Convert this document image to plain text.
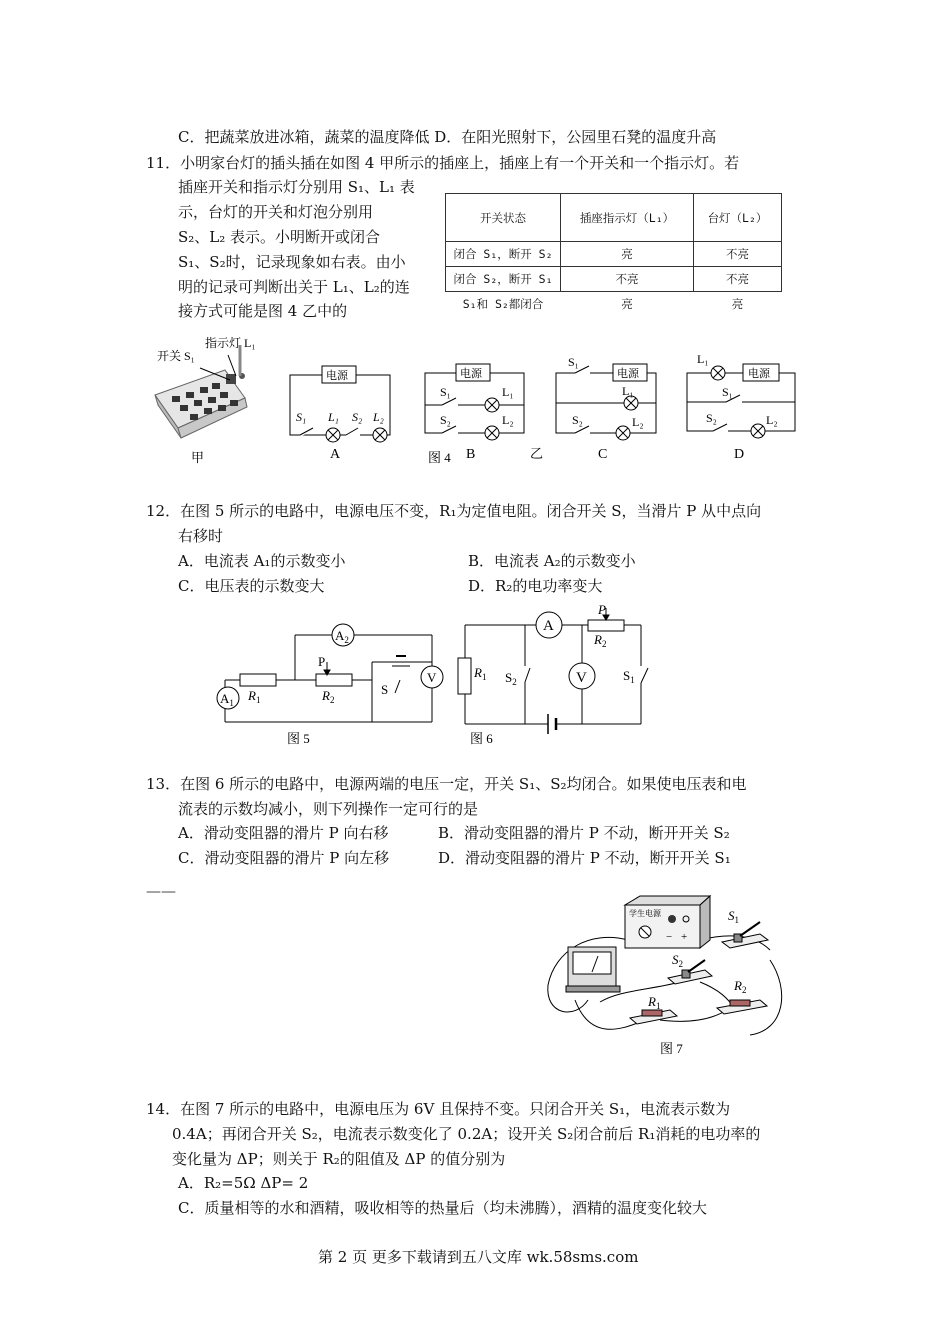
C．把蔬菜放进冰箱，蔬菜的温度降低 D．在阳光照射下，公园里石凳的温度升高
11．小明家台灯的插头插在如图 4 甲所示的插座上，插座上有一个开关和一个指示灯。若
插座开关和指示灯分别用 S₁、L₁ 表
示，台灯的开关和灯泡分别用
S₂、L₂ 表示。小明断开或闭合
S₁、S₂时，记录现象如右表。由小
明的记录可判断出关于 L₁、L₂的连
接方式可能是图 4 乙中的
开关状态	插座指示灯（L₁）	台灯（L₂）
闭合 S₁，断开 S₂	亮	不亮
闭合 S₂，断开 S₁	不亮	不亮
S₁和 S₂都闭合	亮	亮
开关 S₁
指示灯 L₁
甲
电源
S₁ L₁ S₂ L₂
A
电源
S₁	L₁
S₂	L₂
图 4 B	乙
电源
S₁
L₁
S₂	L₂
C
电源
L₁
S₁
S₂	L₂
D
12．在图 5 所示的电路中，电源电压不变，R₁为定值电阻。闭合开关 S，当滑片 P 从中点向
右移时
A．电流表 A₁的示数变小	B．电流表 A₂的示数变小
C．电压表的示数变大	D．R₂的电功率变大
$A_2$
$A_1$
V
$R_1$	$R_2$
P
S
图 5
A
V
P
$R_2$
$R_1$ $S_2$	$S_1$
图 6
13．在图 6 所示的电路中，电源两端的电压一定，开关 S₁、S₂均闭合。如果使电压表和电
流表的示数均减小，则下列操作一定可行的是
A．滑动变阻器的滑片 P 向右移	B．滑动变阻器的滑片 P 不动，断开开关 S₂
C．滑动变阻器的滑片 P 向左移	D．滑动变阻器的滑片 P 不动，断开开关 S₁
——
+
−
学生电源	$S_1$
$S_2$
$R_1$
$R_2$
图 7
14．在图 7 所示的电路中，电源电压为 6V 且保持不变。只闭合开关 S₁，电流表示数为
0.4A；再闭合开关 S₂，电流表示数变化了 0.2A；设开关 S₂闭合前后 R₁消耗的电功率的
变化量为 ΔP；则关于 R₂的阻值及 ΔP 的值分别为
A．R₂=5Ω ΔP= 2
C．质量相等的水和酒精，吸收相等的热量后（均未沸腾），酒精的温度变化较大
第 2 页 更多下载请到五八文库 wk.58sms.com
